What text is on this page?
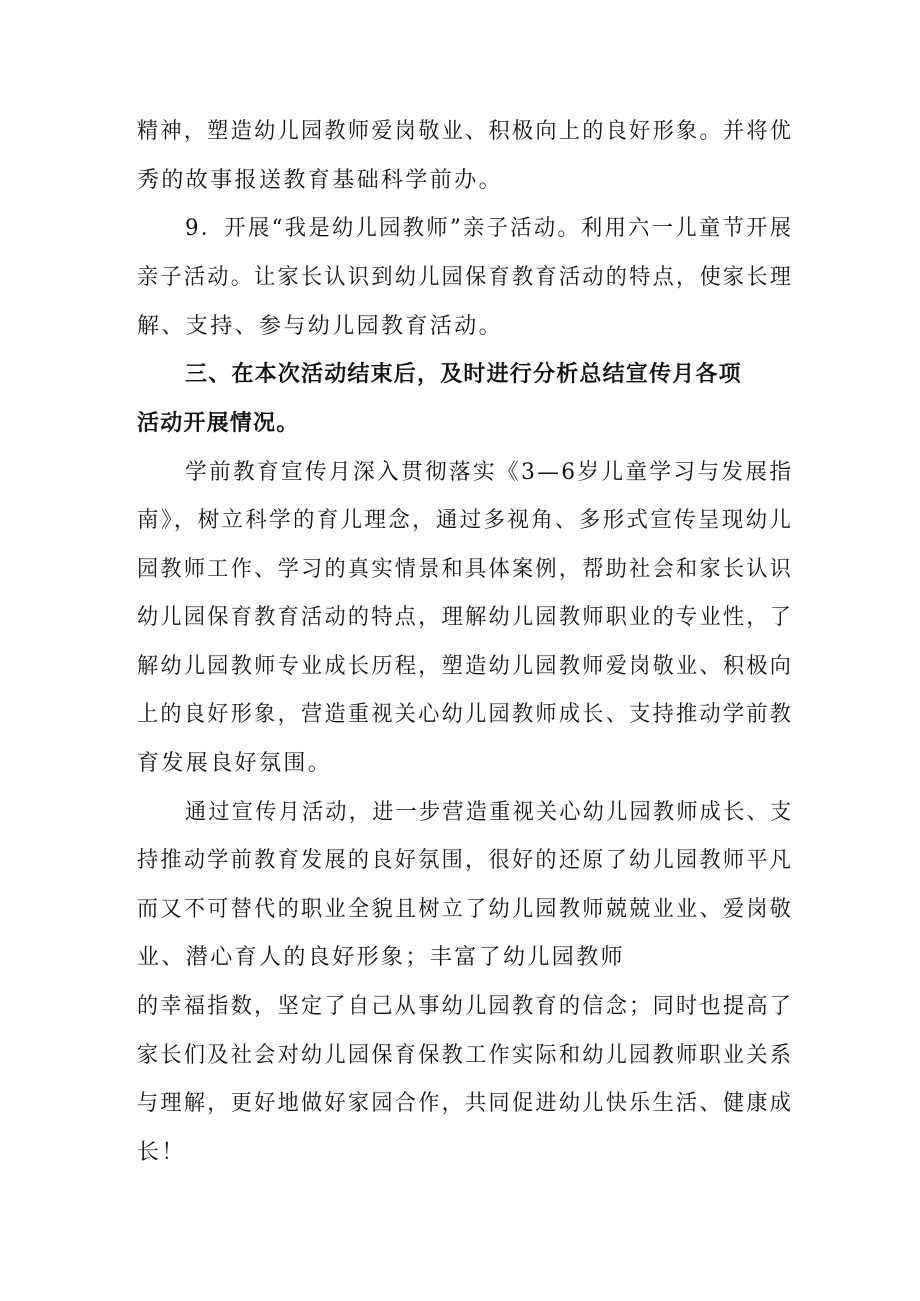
精神，塑造幼儿园教师爱岗敬业、积极向上的良好形象。并将优
秀的故事报送教育基础科学前办。
9．开展“我是幼儿园教师”亲子活动。利用六一儿童节开展
亲子活动。让家长认识到幼儿园保育教育活动的特点，使家长理
解、支持、参与幼儿园教育活动。
三、在本次活动结束后，及时进行分析总结宣传月各项
活动开展情况。
学前教育宣传月深入贯彻落实《3—6岁儿童学习与发展指
南》，树立科学的育儿理念，通过多视角、多形式宣传呈现幼儿
园教师工作、学习的真实情景和具体案例，帮助社会和家长认识
幼儿园保育教育活动的特点，理解幼儿园教师职业的专业性，了
解幼儿园教师专业成长历程，塑造幼儿园教师爱岗敬业、积极向
上的良好形象，营造重视关心幼儿园教师成长、支持推动学前教
育发展良好氛围。
通过宣传月活动，进一步营造重视关心幼儿园教师成长、支
持推动学前教育发展的良好氛围，很好的还原了幼儿园教师平凡
而又不可替代的职业全貌且树立了幼儿园教师兢兢业业、爱岗敬
业、潜心育人的良好形象；丰富了幼儿园教师
的幸福指数，坚定了自己从事幼儿园教育的信念；同时也提高了
家长们及社会对幼儿园保育保教工作实际和幼儿园教师职业关系
与理解，更好地做好家园合作，共同促进幼儿快乐生活、健康成
长！
